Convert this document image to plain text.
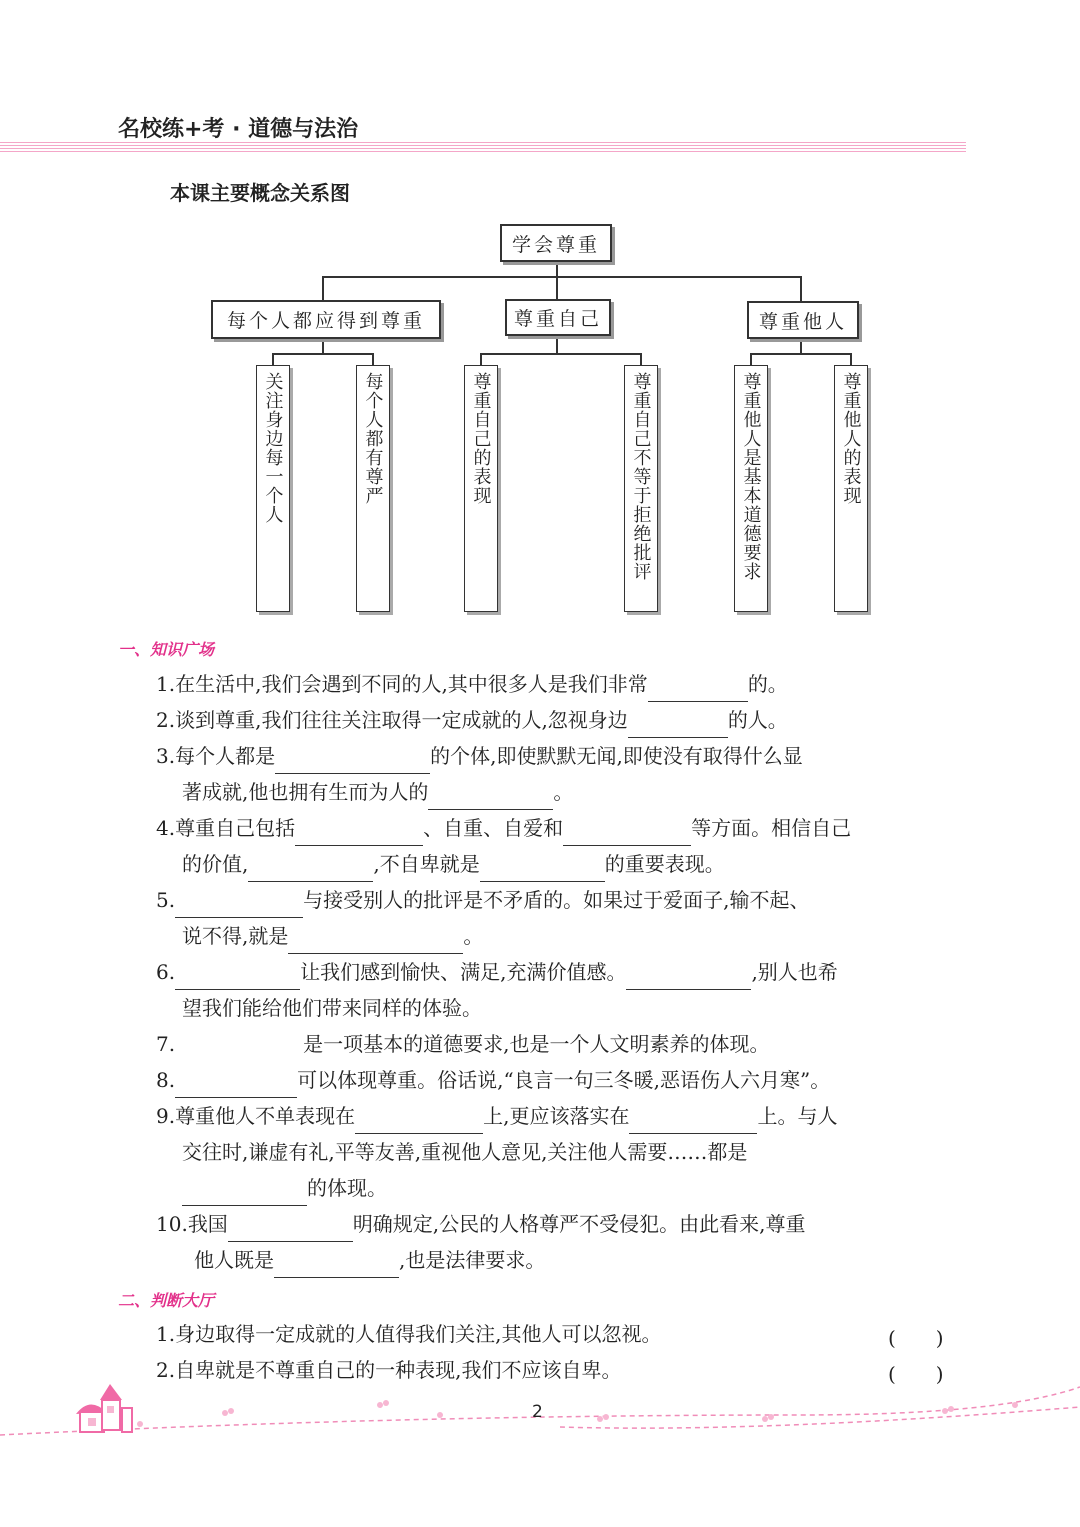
名校练+考 · 道德与法治
本课主要概念关系图
学会尊重
每个人都应得到尊重	尊重自己	尊重他人
关注身边每一个人	每个人都有尊严	尊重自己的表现	尊重自己不等于拒绝批评	尊重他人是基本道德要求	尊重他人的表现
一、知识广场
1.在生活中,我们会遇到不同的人,其中很多人是我们非常	的。
2.谈到尊重,我们往往关注取得一定成就的人,忽视身边	的人。
3.每个人都是	的个体,即使默默无闻,即使没有取得什么显
著成就,他也拥有生而为人的	。
4.尊重自己包括	、自重、自爱和	等方面。相信自己
的价值,	,不自卑就是	的重要表现。
5.	与接受别人的批评是不矛盾的。如果过于爱面子,输不起、
说不得,就是	。
6.	让我们感到愉快、满足,充满价值感。	,别人也希
望我们能给他们带来同样的体验。
7.	是一项基本的道德要求,也是一个人文明素养的体现。
8.	可以体现尊重。俗话说,“良言一句三冬暖,恶语伤人六月寒”。
9.尊重他人不单表现在	上,更应该落实在	上。与人
交往时,谦虚有礼,平等友善,重视他人意见,关注他人需要……都是
的体现。
10.我国	明确规定,公民的人格尊严不受侵犯。由此看来,尊重
他人既是	,也是法律要求。
二、判断大厅
1.身边取得一定成就的人值得我们关注,其他人可以忽视。	(　　)
2.自卑就是不尊重自己的一种表现,我们不应该自卑。	(　　)
2
